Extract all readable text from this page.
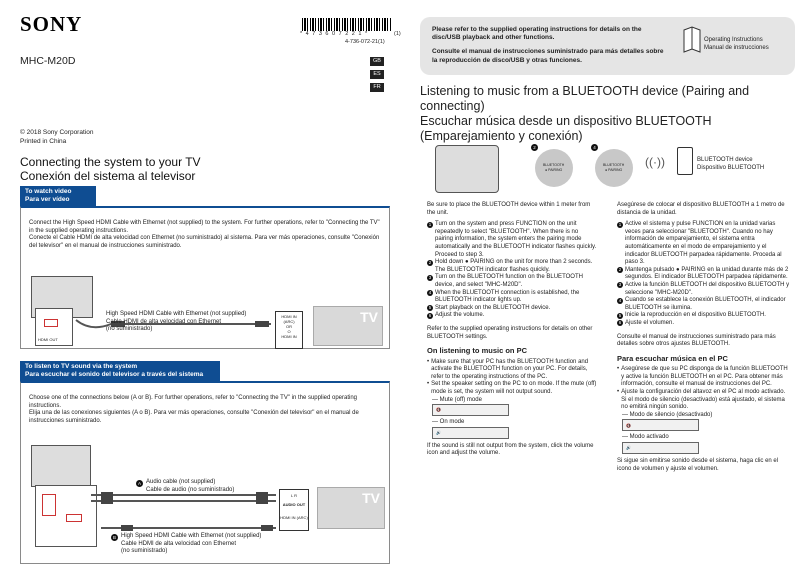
SONY	* 4 7 3 6 0 7 2 2 1 *	(1)
4-736-072-21(1)
MHC-M20D	GB
ES
FR
© 2018 Sony Corporation
Printed in China
Connecting the system to your TV
Conexión del sistema al televisor
To watch video
Para ver vídeo
Connect the High Speed HDMI Cable with Ethernet (not supplied) to the system. For further operations, refer to "Connecting the TV" in the supplied operating instructions.
Conecte el Cable HDMI de alta velocidad con Ethernet (no suministrado) al sistema. Para ver más operaciones, consulte "Conexión del televisor" en el manual de instrucciones suministrado.
HDMI OUT
High Speed HDMI Cable with Ethernet (not supplied)
Cable HDMI de alta velocidad con Ethernet
(no suministrado)
HDMI IN (ARC)
OR
O
HDMI IN
TV
To listen to TV sound via the system
Para escuchar el sonido del televisor a través del sistema
Choose one of the connections below (A or B). For further operations, refer to "Connecting the TV" in the supplied operating instructions.
Elija una de las conexiones siguientes (A o B). Para ver más operaciones, consulte "Conexión del televisor" en el manual de instrucciones suministrado.
A Audio cable (not supplied)
Cable de audio (no suministrado)
B High Speed HDMI Cable with Ethernet (not supplied)
Cable HDMI de alta velocidad con Ethernet
(no suministrado)
L R
AUDIO OUT
HDMI IN (ARC)
TV
Please refer to the supplied operating instructions for details on the disc/USB playback and other functions.
Consulte el manual de instrucciones suministrado para más detalles sobre la reproducción de disco/USB y otras funciones.
Operating Instructions
Manual de instrucciones
Listening to music from a BLUETOOTH device (Pairing and connecting)
Escuchar música desde un dispositivo BLUETOOTH (Emparejamiento y conexión)
2
BLUETOOTH
● PAIRING
4
BLUETOOTH
● PAIRING
((·))	BLUETOOTH device
Dispositivo BLUETOOTH
Be sure to place the BLUETOOTH device within 1 meter from the unit.
1 Turn on the system and press FUNCTION on the unit repeatedly to select "BLUETOOTH". When there is no pairing information, the system enters the pairing mode automatically and the BLUETOOTH indicator flashes quickly. Proceed to step 3.
2 Hold down ● PAIRING on the unit for more than 2 seconds. The BLUETOOTH indicator flashes quickly.
3 Turn on the BLUETOOTH function on the BLUETOOTH device, and select "MHC-M20D".
4 When the BLUETOOTH connection is established, the BLUETOOTH indicator lights up.
5 Start playback on the BLUETOOTH device.
6 Adjust the volume.
Refer to the supplied operating instructions for details on other BLUETOOTH settings.
On listening to music on PC
• Make sure that your PC has the BLUETOOTH function and activate the BLUETOOTH function on your PC. For details, refer to the operating instructions of the PC.
• Set the speaker setting on the PC to on mode. If the mute (off) mode is set, the system will not output sound.
— Mute (off) mode
🔇
— On mode
🔊
If the sound is still not output from the system, click the volume icon and adjust the volume.
Asegúrese de colocar el dispositivo BLUETOOTH a 1 metro de distancia de la unidad.
1 Active el sistema y pulse FUNCTION en la unidad varias veces para seleccionar "BLUETOOTH". Cuando no hay información de emparejamiento, el sistema entra automáticamente en el modo de emparejamiento y el indicador BLUETOOTH parpadea rápidamente. Proceda al paso 3.
2 Mantenga pulsado ● PAIRING en la unidad durante más de 2 segundos. El indicador BLUETOOTH parpadea rápidamente.
3 Active la función BLUETOOTH del dispositivo BLUETOOTH y seleccione "MHC-M20D".
4 Cuando se establece la conexión BLUETOOTH, el indicador BLUETOOTH se ilumina.
5 Inicie la reproducción en el dispositivo BLUETOOTH.
6 Ajuste el volumen.
Consulte el manual de instrucciones suministrado para más detalles sobre otros ajustes BLUETOOTH.
Para escuchar música en el PC
• Asegúrese de que su PC disponga de la función BLUETOOTH y active la función BLUETOOTH en el PC. Para obtener más información, consulte el manual de instrucciones del PC.
• Ajuste la configuración del altavoz en el PC al modo activado. Si el modo de silencio (desactivado) está ajustado, el sistema no emitirá ningún sonido.
— Modo de silencio (desactivado)
🔇
— Modo activado
🔊
Si sigue sin emitirse sonido desde el sistema, haga clic en el icono de volumen y ajuste el volumen.
